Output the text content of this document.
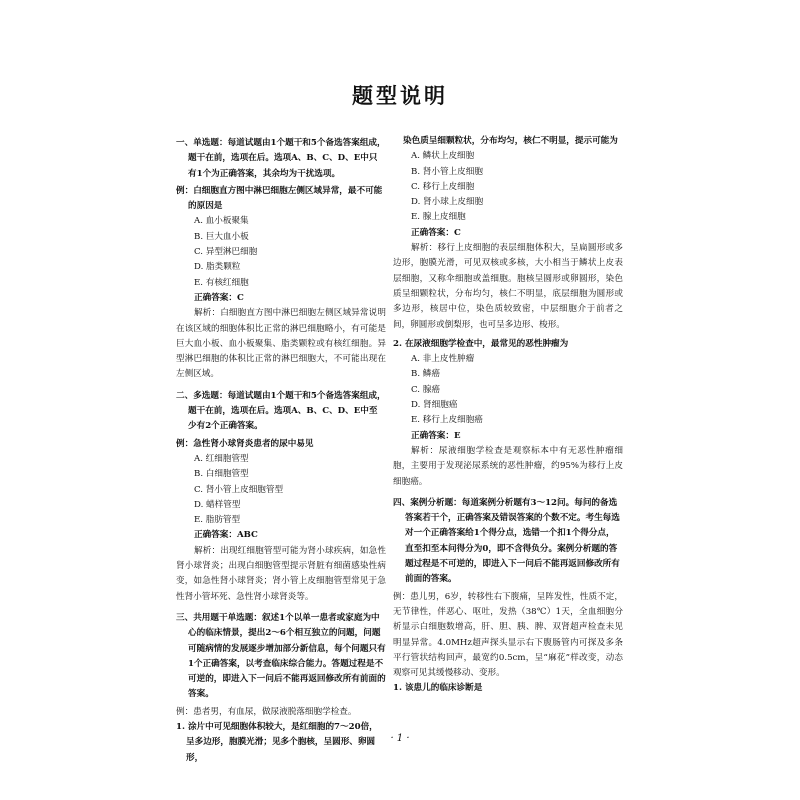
题型说明

一、单选题：每道试题由1个题干和5个备选答案组成，题干在前，选项在后。选项A、B、C、D、E中只有1个为正确答案，其余均为干扰选项。

例：白细胞直方图中淋巴细胞左侧区域异常，最不可能的原因是

A. 血小板聚集
B. 巨大血小板
C. 异型淋巴细胞
D. 脂类颗粒
E. 有核红细胞

正确答案：C

解析：白细胞直方图中淋巴细胞左侧区域异常说明在该区域的细胞体积比正常的淋巴细胞略小，有可能是巨大血小板、血小板聚集、脂类颗粒或有核红细胞。异型淋巴细胞的体积比正常的淋巴细胞大，不可能出现在左侧区域。

二、多选题：每道试题由1个题干和5个备选答案组成，题干在前，选项在后。选项A、B、C、D、E中至少有2个正确答案。

例：急性肾小球肾炎患者的尿中易见

A. 红细胞管型
B. 白细胞管型
C. 肾小管上皮细胞管型
D. 蜡样管型
E. 脂肪管型

正确答案：ABC

解析：出现红细胞管型可能为肾小球疾病，如急性肾小球肾炎；出现白细胞管型提示肾脏有细菌感染性病变，如急性肾小球肾炎；肾小管上皮细胞管型常见于急性肾小管坏死、急性肾小球肾炎等。

三、共用题干单选题：叙述1个以单一患者或家庭为中心的临床情景，提出2～6个相互独立的问题，问题可随病情的发展逐步增加部分新信息，每个问题只有1个正确答案，以考查临床综合能力。答题过程是不可逆的，即进入下一问后不能再返回修改所有前面的答案。

例：患者男，有血尿，做尿液脱落细胞学检查。

1. 涂片中可见细胞体积较大，是红细胞的7～20倍，呈多边形，胞膜光滑；见多个胞核，呈圆形、卵圆形，

染色质呈细颗粒状，分布均匀，核仁不明显，提示可能为

A. 鳞状上皮细胞
B. 肾小管上皮细胞
C. 移行上皮细胞
D. 肾小球上皮细胞
E. 腺上皮细胞

正确答案：C

解析：移行上皮细胞的表层细胞体积大，呈扁圆形或多边形，胞膜光滑，可见双核或多核，大小相当于鳞状上皮表层细胞，又称伞细胞或盖细胞。胞核呈圆形或卵圆形，染色质呈细颗粒状，分布均匀，核仁不明显，底层细胞为圆形或多边形，核居中位，染色质较致密，中层细胞介于前者之间，卵圆形或倒梨形，也可呈多边形、梭形。

2. 在尿液细胞学检查中，最常见的恶性肿瘤为

A. 非上皮性肿瘤
B. 鳞癌
C. 腺癌
D. 肾细胞癌
E. 移行上皮细胞癌

正确答案：E

解析：尿液细胞学检查是观察标本中有无恶性肿瘤细胞，主要用于发现泌尿系统的恶性肿瘤，约95%为移行上皮细胞癌。

四、案例分析题：每道案例分析题有3～12问。每问的备选答案若干个，正确答案及错误答案的个数不定。考生每选对一个正确答案给1个得分点，选错一个扣1个得分点，直至扣至本问得分为0，即不含得负分。案例分析题的答题过程是不可逆的，即进入下一问后不能再返回修改所有前面的答案。

例：患儿男，6岁，转移性右下腹痛，呈阵发性，性质不定，无节律性，伴恶心、呕吐，发热（38℃）1天，全血细胞分析显示白细胞数增高，肝、胆、胰、脾、双肾超声检查未见明显异常。4.0MHz超声探头显示右下腹肠管内可探及多条平行管状结构回声，最宽约0.5cm，呈“麻花”样改变，动态观察可见其缓慢移动、变形。

1. 该患儿的临床诊断是

· 1 ·
